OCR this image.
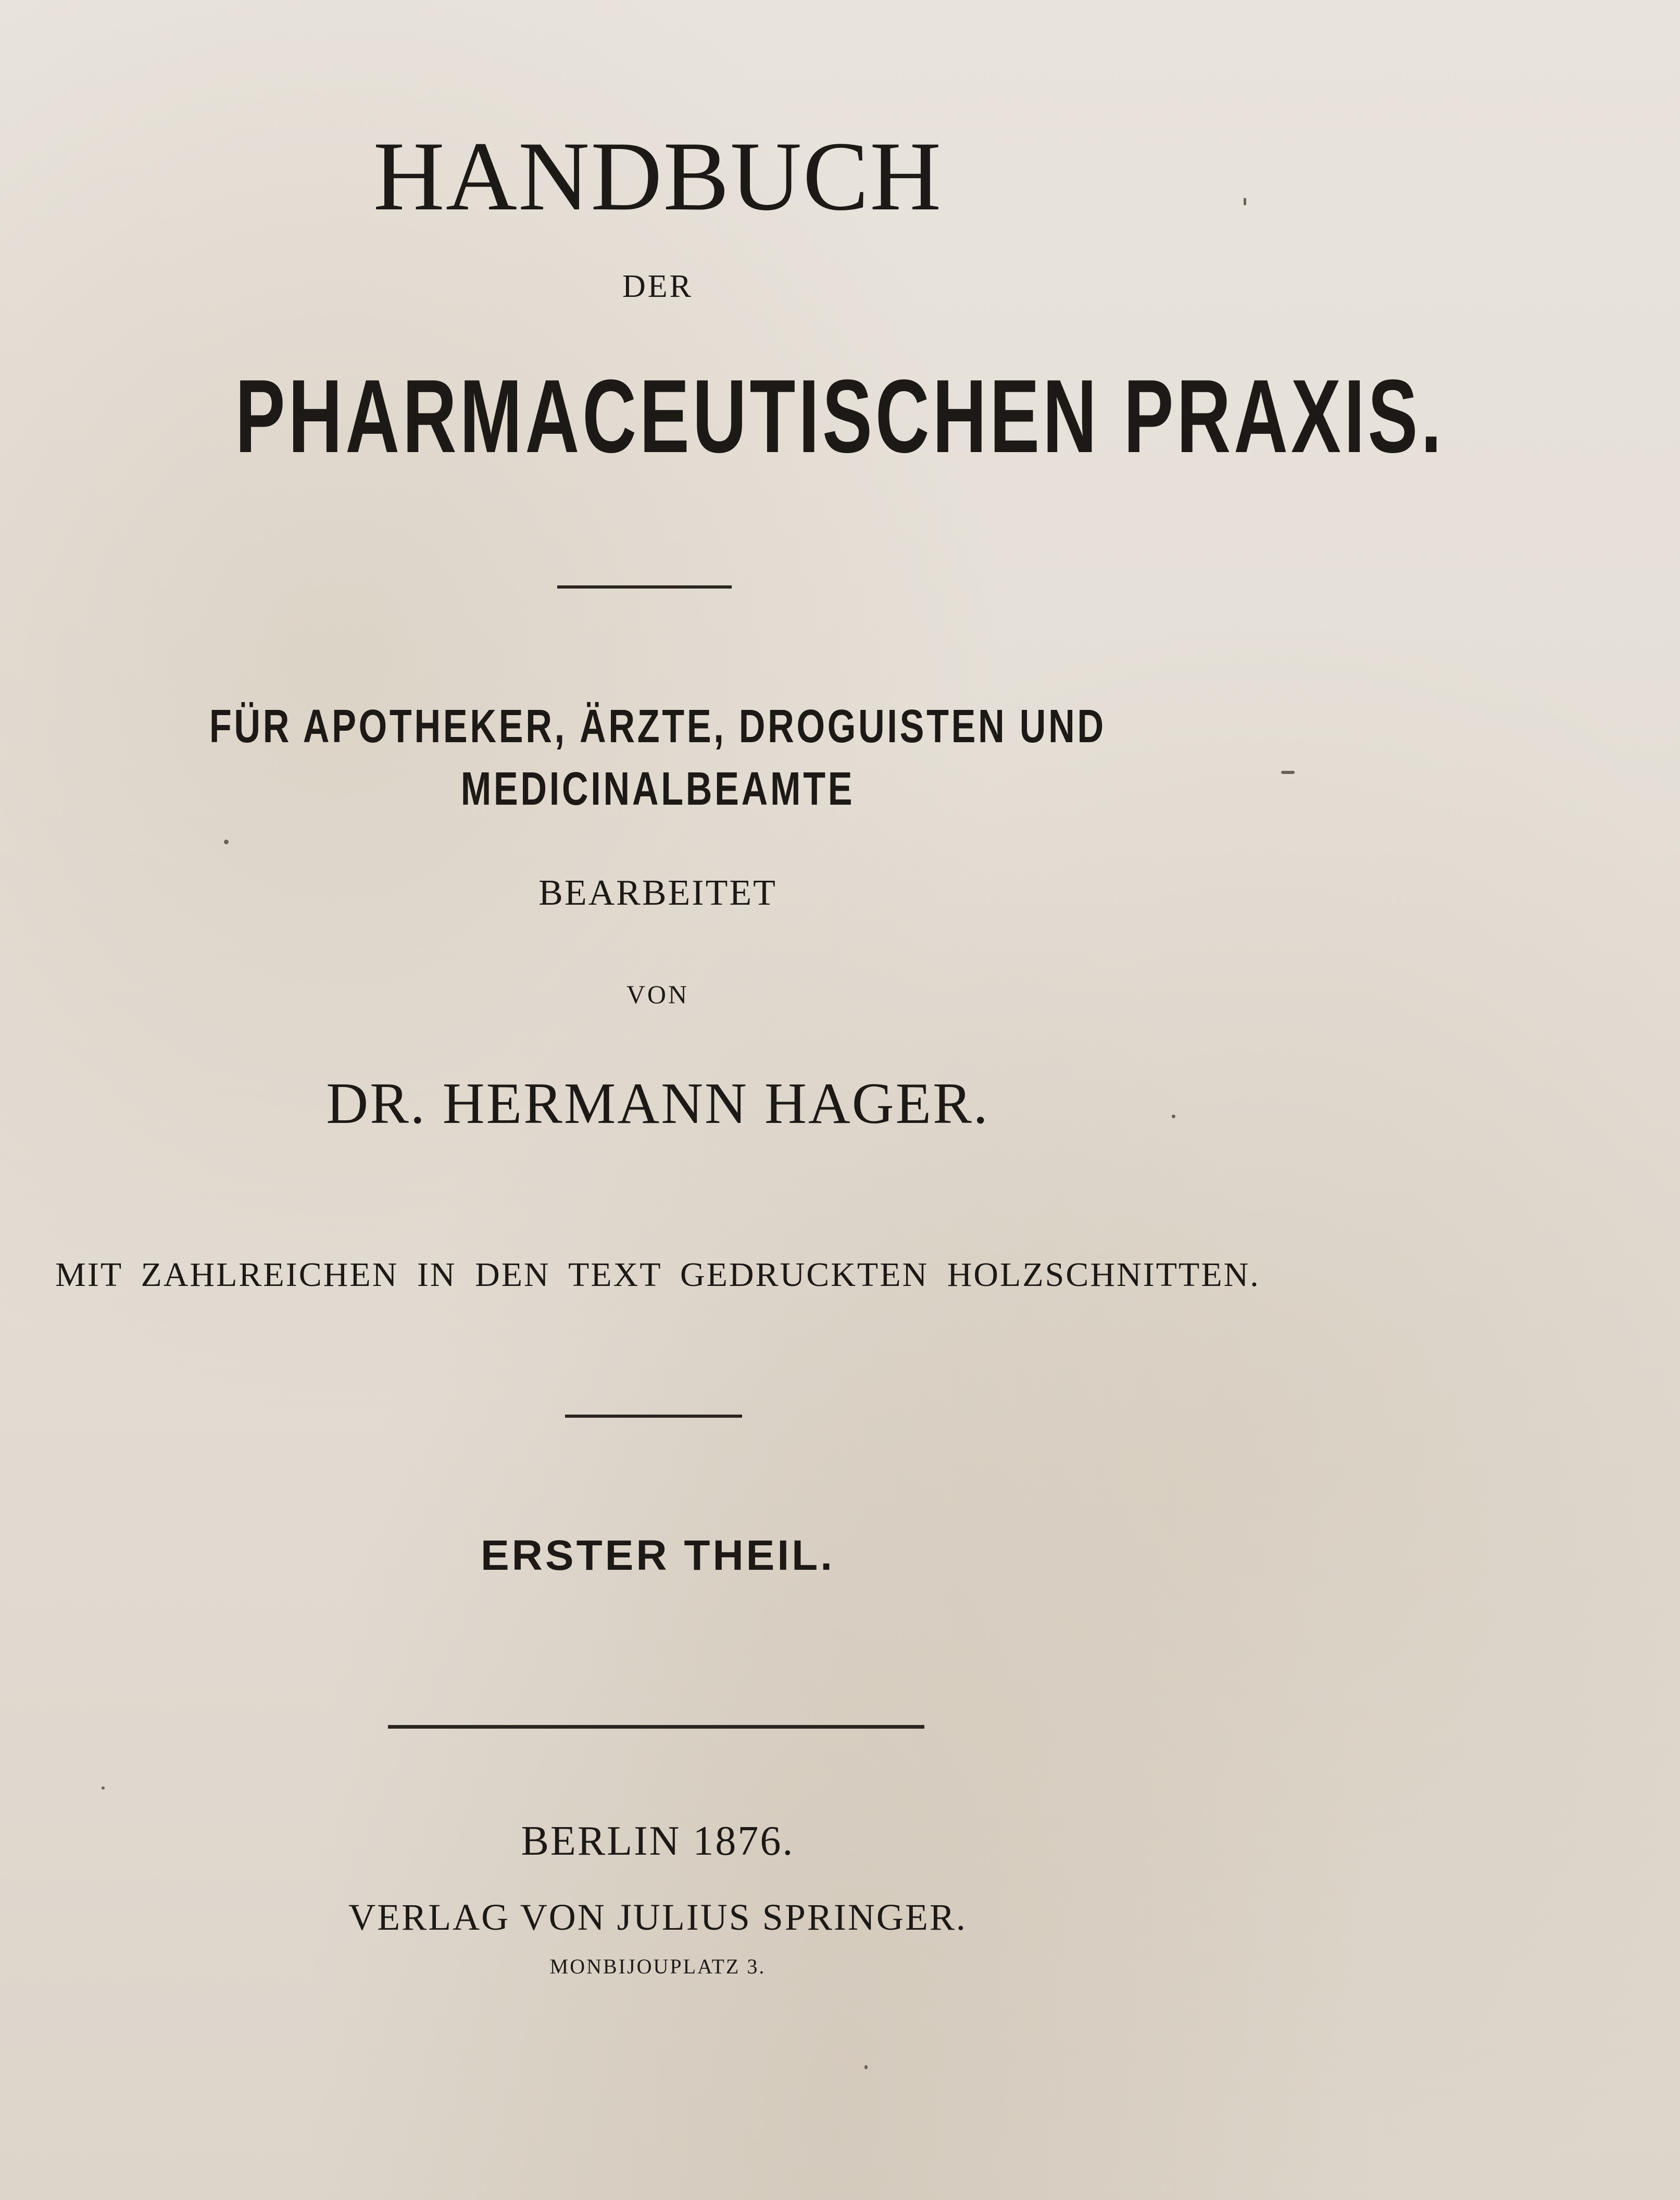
HANDBUCH
DER
PHARMACEUTISCHEN PRAXIS.
FÜR APOTHEKER, ÄRZTE, DROGUISTEN UND
MEDICINALBEAMTE
BEARBEITET
VON
DR. HERMANN HAGER.
MIT ZAHLREICHEN IN DEN TEXT GEDRUCKTEN HOLZSCHNITTEN.
ERSTER THEIL.
BERLIN 1876.
VERLAG VON JULIUS SPRINGER.
MONBIJOUPLATZ 3.
